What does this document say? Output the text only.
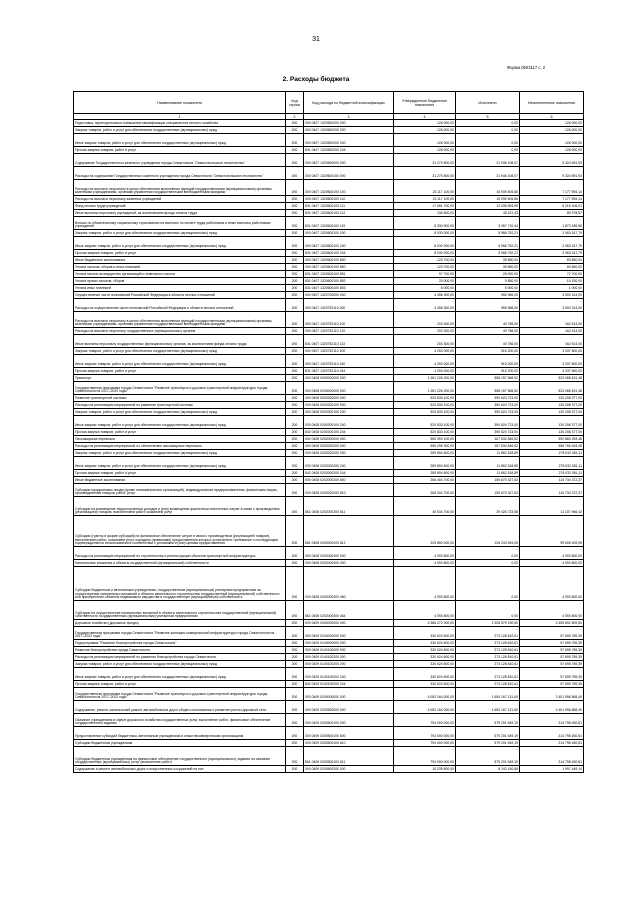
31
Форма 0503117 с. 2
2. Расходы бюджета
Наименование показателя	Код строки	Код расхода по бюджетной классификации	Утвержденные бюджетные назначения	Исполнено	Неисполненные назначения
1	2	3	4	5	6
Подготовка, переподготовка и повышение квалификации специалистов лесного хозяйства	200	000 0407 1320500200 000	126 000,00	0,00	126 000,00
Закупка товаров, работ и услуг для обеспечения государственных (муниципальных) нужд	200	000 0407 1320500200 200	126 000,00	0,00	126 000,00
Иные закупки товаров, работ и услуг для обеспечения государственных (муниципальных) нужд	200	000 0407 1320500200 240	126 000,00	0,00	126 000,00
Прочая закупка товаров, работ и услуг	200	831 0407 1320500200 244	126 000,00	0,00	126 000,00
Содержание Государственного казенного учреждения города Севастополя "Севастопольское лесничество"	200	000 0407 1320600000 000	31 270 800,00	21 946 108,07	9 324 691,93
Расходы на содержание Государственного казенного учреждения города Севастополя "Севастопольское лесничество"	200	000 0407 1320600100 000	31 270 800,00	21 946 108,07	9 324 691,93
Расходы на выплаты персоналу в целях обеспечения выполнения функций государственными (муниципальными) органами, казенными учреждениями, органами управления государственными внебюджетными фондами	200	000 0407 1320600100 100	23 117 100,00	15 939 505,86	7 177 594,14
Расходы на выплаты персоналу казенных учреждений	200	000 0407 1320600100 110	23 117 100,00	15 939 505,86	7 177 594,14
Фонд оплаты труда учреждений	200	831 0407 1320600100 111	17 651 700,00	12 436 593,99	5 215 106,01
Иные выплаты персоналу учреждений, за исключением фонда оплаты труда	200	831 0407 1320600100 112	134 500,00	45 221,43	89 278,57
Взносы по обязательному социальному страхованию на выплаты по оплате труда работников и иные выплаты работникам учреждений	200	831 0407 1320600100 119	5 330 900,00	3 457 710,44	1 873 189,56
Закупка товаров, работ и услуг для обеспечения государственных (муниципальных) нужд	200	000 0407 1320600100 200	8 030 000,00	5 966 752,21	2 063 247,79
Иные закупки товаров, работ и услуг для обеспечения государственных (муниципальных) нужд	200	000 0407 1320600100 240	8 030 000,00	5 966 752,21	2 063 247,79
Прочая закупка товаров, работ и услуг	200	831 0407 1320600100 244	8 030 000,00	5 966 752,21	2 063 247,79
Иные бюджетные ассигнования	200	000 0407 1320600100 800	123 700,00	39 850,00	83 850,00
Уплата налогов, сборов и иных платежей	200	000 0407 1320600100 850	123 700,00	39 850,00	83 850,00
Уплата налога на имущество организаций и земельного налога	200	831 0407 1320600100 851	97 700,00	25 000,00	72 700,00
Уплата прочих налогов, сборов	200	831 0407 1320600100 852	20 000,00	9 850,00	10 150,00
Уплата иных платежей	200	831 0407 1320600100 853	6 000,00	5 000,00	1 000,00
Осуществление части полномочий Российской Федерации в области лесных отношений	200	000 0407 1320700000 000	4 456 300,00	955 986,00	3 500 314,00
Расходы на осуществление части полномочий Российской Федерации в области лесных отношений	200	000 0407 1320752110 000	4 456 300,00	955 986,00	3 500 314,00
Расходы на выплаты персоналу в целях обеспечения выполнения функций государственными (муниципальными) органами, казенными учреждениями, органами управления государственными внебюджетными фондами	200	000 0407 1320752110 100	203 300,00	40 786,00	162 514,00
Расходы на выплаты персоналу государственных (муниципальных) органов	200	000 0407 1320752110 120	203 300,00	40 786,00	162 514,00
Иные выплаты персоналу государственных (муниципальных) органов, за исключением фонда оплаты труда	200	831 0407 1320752110 122	203 300,00	40 786,00	162 514,00
Закупка товаров, работ и услуг для обеспечения государственных (муниципальных) нужд	200	000 0407 1320752110 200	4 253 000,00	915 200,00	3 337 800,00
Иные закупки товаров, работ и услуг для обеспечения государственных (муниципальных) нужд	200	000 0407 1320752110 240	4 253 000,00	915 200,00	3 337 800,00
Прочая закупка товаров, работ и услуг	200	831 0407 1320752110 244	4 253 000,00	915 200,00	3 337 800,00
Транспорт	200	000 0408 0000000000 000	1 081 226 200,00	558 157 568,52	523 068 631,48
Государственная программа города Севастополя "Развитие транспорта и дорожно-транспортной инфраструктуры города Севастополя на 2017–2022 годы"	200	000 0408 0200000000 000	1 081 226 200,00	558 157 568,52	523 068 631,48
Развитие транспортной системы	200	000 0408 0200200000 000	520 833 100,00	390 624 723,00	130 208 377,00
Расходы на реализацию мероприятий по развитию транспортной системы	200	000 0408 0200200100 000	520 833 100,00	390 624 723,00	130 208 377,00
Закупка товаров, работ и услуг для обеспечения государственных (муниципальных) нужд	200	000 0408 0200200100 200	520 833 100,00	390 624 723,00	130 208 377,00
Иные закупки товаров, работ и услуг для обеспечения государственных (муниципальных) нужд	200	000 0408 0200200100 240	520 833 100,00	390 624 723,00	130 208 377,00
Прочая закупка товаров, работ и услуг	200	842 0408 0200200100 244	520 833 100,00	390 624 723,00	130 208 377,00
Пассажирские перевозки	200	000 0408 0202000000 000	560 393 100,00	167 532 846,52	392 860 253,48
Расходы на реализацию мероприятий по обеспечению пассажирских перевозок	200	000 0408 0202000200 000	556 299 300,00	167 532 846,52	388 766 453,48
Закупка товаров, работ и услуг для обеспечения государственных (муниципальных) нужд	200	000 0408 0202000200 200	289 894 600,00	11 862 518,89	278 032 081,11
Иные закупки товаров, работ и услуг для обеспечения государственных (муниципальных) нужд	200	000 0408 0202000200 240	289 894 600,00	11 862 518,89	278 032 081,11
Прочая закупка товаров, работ и услуг	200	842 0408 0202000200 244	289 894 600,00	11 862 518,89	278 032 081,11
Иные бюджетные ассигнования	200	000 0408 0202000200 800	266 404 700,00	155 670 327,63	110 734 372,37
Субсидии юридическим лицам (кроме некоммерческих организаций), индивидуальным предпринимателям, физическим лицам - производителям товаров, работ, услуг	200	000 0408 0202000200 810	266 404 700,00	155 670 327,63	110 734 372,37
Субсидии на возмещение недополученных доходов и (или) возмещение фактически понесенных затрат в связи с производством (реализацией) товаров, выполнением работ, оказанием услуг	200	861 0408 0202000200 811	40 534 700,00	29 426 733,58	11 107 966,42
Субсидии (гранты в форме субсидий) на финансовое обеспечение затрат в связи с производством (реализацией товаров), выполнением работ, оказанием услуг, порядком (правилами) предоставления которых установлено требование о последующем подтверждении их использования в соответствии с условиями и (или) целями предоставления	200	861 0408 0202000200 812	225 850 000,00	126 243 594,05	99 606 405,95
Расходы на реализацию мероприятий по строительству и реконструкции объектов транспортной инфраструктуры	200	000 0408 0202000400 000	4 093 800,00	0,00	4 093 800,00
Капитальные вложения в объекты государственной (муниципальной) собственности	200	000 0408 0202000400 400	4 093 800,00	0,00	4 093 800,00
Субсидии бюджетным и автономным учреждениям, государственным (муниципальным) унитарным предприятиям на осуществление капитальных вложений в объекты капитального строительства государственной (муниципальной) собственности или приобретение объектов недвижимого имущества в государственную (муниципальную) собственность	200	000 0408 0202000400 460	4 093 800,00	0,00	4 093 800,00
Субсидии на осуществление капитальных вложений в объекты капитального строительства государственной (муниципальной) собственности государственным (муниципальным) унитарным предприятиям	200	861 0408 0202000400 464	4 093 800,00	0,00	4 093 800,00
Дорожное хозяйство (дорожные фонды)	200	000 0409 0000000000 000	4 386 272 000,00	1 926 579 190,50	2 459 692 809,50
Государственная программа города Севастополя "Развитие жилищно-коммунальной инфраструктуры города Севастополя на 2017–2022 годы"	200	000 0409 0100000000 000	330 624 600,00	273 128 810,61	57 695 789,39
Подпрограмма "Развитие благоустройства города Севастополя"	200	000 0409 0140000000 000	330 624 600,00	273 128 810,61	57 695 789,39
Развитие благоустройства города Севастополя	200	000 0409 0140100000 000	330 624 600,00	273 128 810,61	57 695 789,39
Расходы на реализацию мероприятий по развитию благоустройства города Севастополя	200	000 0409 0140100200 000	330 624 600,00	273 128 810,61	57 695 789,39
Закупка товаров, работ и услуг для обеспечения государственных (муниципальных) нужд	200	000 0409 0140100200 200	330 624 600,00	273 128 810,61	57 695 789,39
Иные закупки товаров, работ и услуг для обеспечения государственных (муниципальных) нужд	200	000 0409 0140100200 240	330 624 600,00	273 128 810,61	57 695 789,39
Прочая закупка товаров, работ и услуг	200	842 0409 0140100200 244	330 624 600,00	273 128 810,61	57 695 789,39
Государственная программа города Севастополя "Развитие транспорта и дорожно-транспортной инфраструктуры города Севастополя на 2017–2022 годы"	200	000 0409 0200000000 000	4 052 164 000,00	1 650 167 131,60	2 401 996 868,40
Содержание, ремонт, капитальный ремонт автомобильных дорог общего пользования и развитие улично-дорожной сети	200	000 0409 0200500000 000	4 052 164 000,00	1 650 167 131,60	2 401 996 868,40
Оказание учреждением в сфере дорожного хозяйства государственных услуг, выполнение работ, финансовое обеспечение государственного задания	200	000 0409 0200500100 000	794 000 000,00	579 201 549,19	214 798 450,81
Предоставление субсидий бюджетным, автономным учреждениям и иным некоммерческим организациям	200	000 0409 0200500100 600	794 000 000,00	579 201 549,19	214 798 450,81
Субсидии бюджетным учреждениям	200	000 0409 0200500100 610	794 000 000,00	579 201 549,19	214 798 450,81
Субсидии бюджетным учреждениям на финансовое обеспечение государственного (муниципального) задания на оказание государственных (муниципальных) услуг (выполнение работ)	200	861 0409 0200500100 611	794 000 000,00	579 201 549,19	214 798 450,81
Содержание и ремонт автомобильных дорог и искусственных сооружений на них	200	000 0409 0200500200 000	10 239 600,00	8 242 150,86	1 997 449,14
